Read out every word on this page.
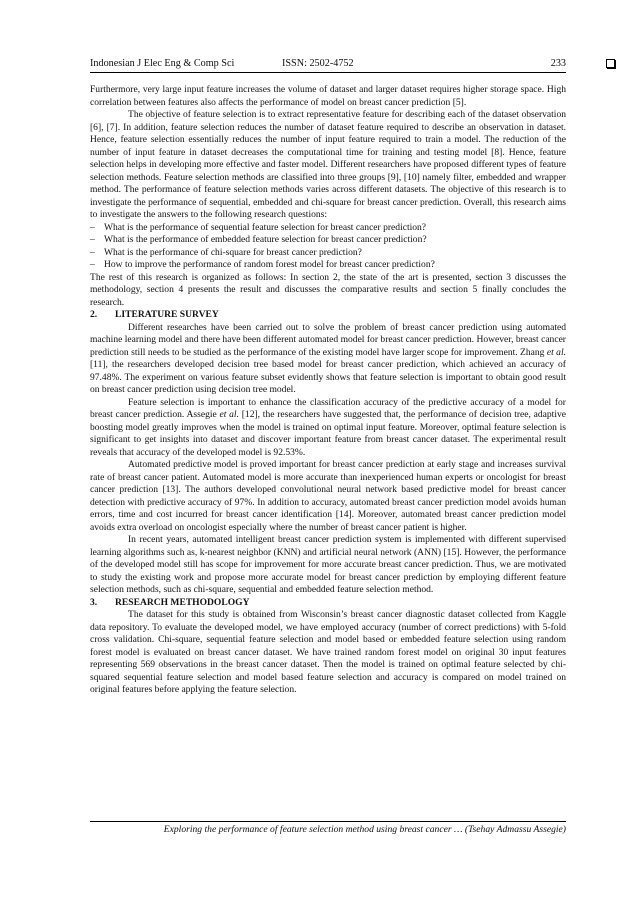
Indonesian J Elec Eng & Comp Sci	ISSN: 2502-4752	233

Furthermore, very large input feature increases the volume of dataset and larger dataset requires higher storage space. High correlation between features also affects the performance of model on breast cancer prediction [5].

The objective of feature selection is to extract representative feature for describing each of the dataset observation [6], [7]. In addition, feature selection reduces the number of dataset feature required to describe an observation in dataset. Hence, feature selection essentially reduces the number of input feature required to train a model. The reduction of the number of input feature in dataset decreases the computational time for training and testing model [8]. Hence, feature selection helps in developing more effective and faster model. Different researchers have proposed different types of feature selection methods. Feature selection methods are classified into three groups [9], [10] namely filter, embedded and wrapper method. The performance of feature selection methods varies across different datasets. The objective of this research is to investigate the performance of sequential, embedded and chi-square for breast cancer prediction. Overall, this research aims to investigate the answers to the following research questions:

– What is the performance of sequential feature selection for breast cancer prediction?
– What is the performance of embedded feature selection for breast cancer prediction?
– What is the performance of chi-square for breast cancer prediction?
– How to improve the performance of random forest model for breast cancer prediction?

The rest of this research is organized as follows: In section 2, the state of the art is presented, section 3 discusses the methodology, section 4 presents the result and discusses the comparative results and section 5 finally concludes the research.

2. LITERATURE SURVEY

Different researches have been carried out to solve the problem of breast cancer prediction using automated machine learning model and there have been different automated model for breast cancer prediction. However, breast cancer prediction still needs to be studied as the performance of the existing model have larger scope for improvement. Zhang et al. [11], the researchers developed decision tree based model for breast cancer prediction, which achieved an accuracy of 97.48%. The experiment on various feature subset evidently shows that feature selection is important to obtain good result on breast cancer prediction using decision tree model.

Feature selection is important to enhance the classification accuracy of the predictive accuracy of a model for breast cancer prediction. Assegie et al. [12], the researchers have suggested that, the performance of decision tree, adaptive boosting model greatly improves when the model is trained on optimal input feature. Moreover, optimal feature selection is significant to get insights into dataset and discover important feature from breast cancer dataset. The experimental result reveals that accuracy of the developed model is 92.53%.

Automated predictive model is proved important for breast cancer prediction at early stage and increases survival rate of breast cancer patient. Automated model is more accurate than inexperienced human experts or oncologist for breast cancer prediction [13]. The authors developed convolutional neural network based predictive model for breast cancer detection with predictive accuracy of 97%. In addition to accuracy, automated breast cancer prediction model avoids human errors, time and cost incurred for breast cancer identification [14]. Moreover, automated breast cancer prediction model avoids extra overload on oncologist especially where the number of breast cancer patient is higher.

In recent years, automated intelligent breast cancer prediction system is implemented with different supervised learning algorithms such as, k-nearest neighbor (KNN) and artificial neural network (ANN) [15]. However, the performance of the developed model still has scope for improvement for more accurate breast cancer prediction. Thus, we are motivated to study the existing work and propose more accurate model for breast cancer prediction by employing different feature selection methods, such as chi-square, sequential and embedded feature selection method.

3. RESEARCH METHODOLOGY

The dataset for this study is obtained from Wisconsin’s breast cancer diagnostic dataset collected from Kaggle data repository. To evaluate the developed model, we have employed accuracy (number of correct predictions) with 5-fold cross validation. Chi-square, sequential feature selection and model based or embedded feature selection using random forest model is evaluated on breast cancer dataset. We have trained random forest model on original 30 input features representing 569 observations in the breast cancer dataset. Then the model is trained on optimal feature selected by chi-squared sequential feature selection and model based feature selection and accuracy is compared on model trained on original features before applying the feature selection.

Exploring the performance of feature selection method using breast cancer … (Tsehay Admassu Assegie)
